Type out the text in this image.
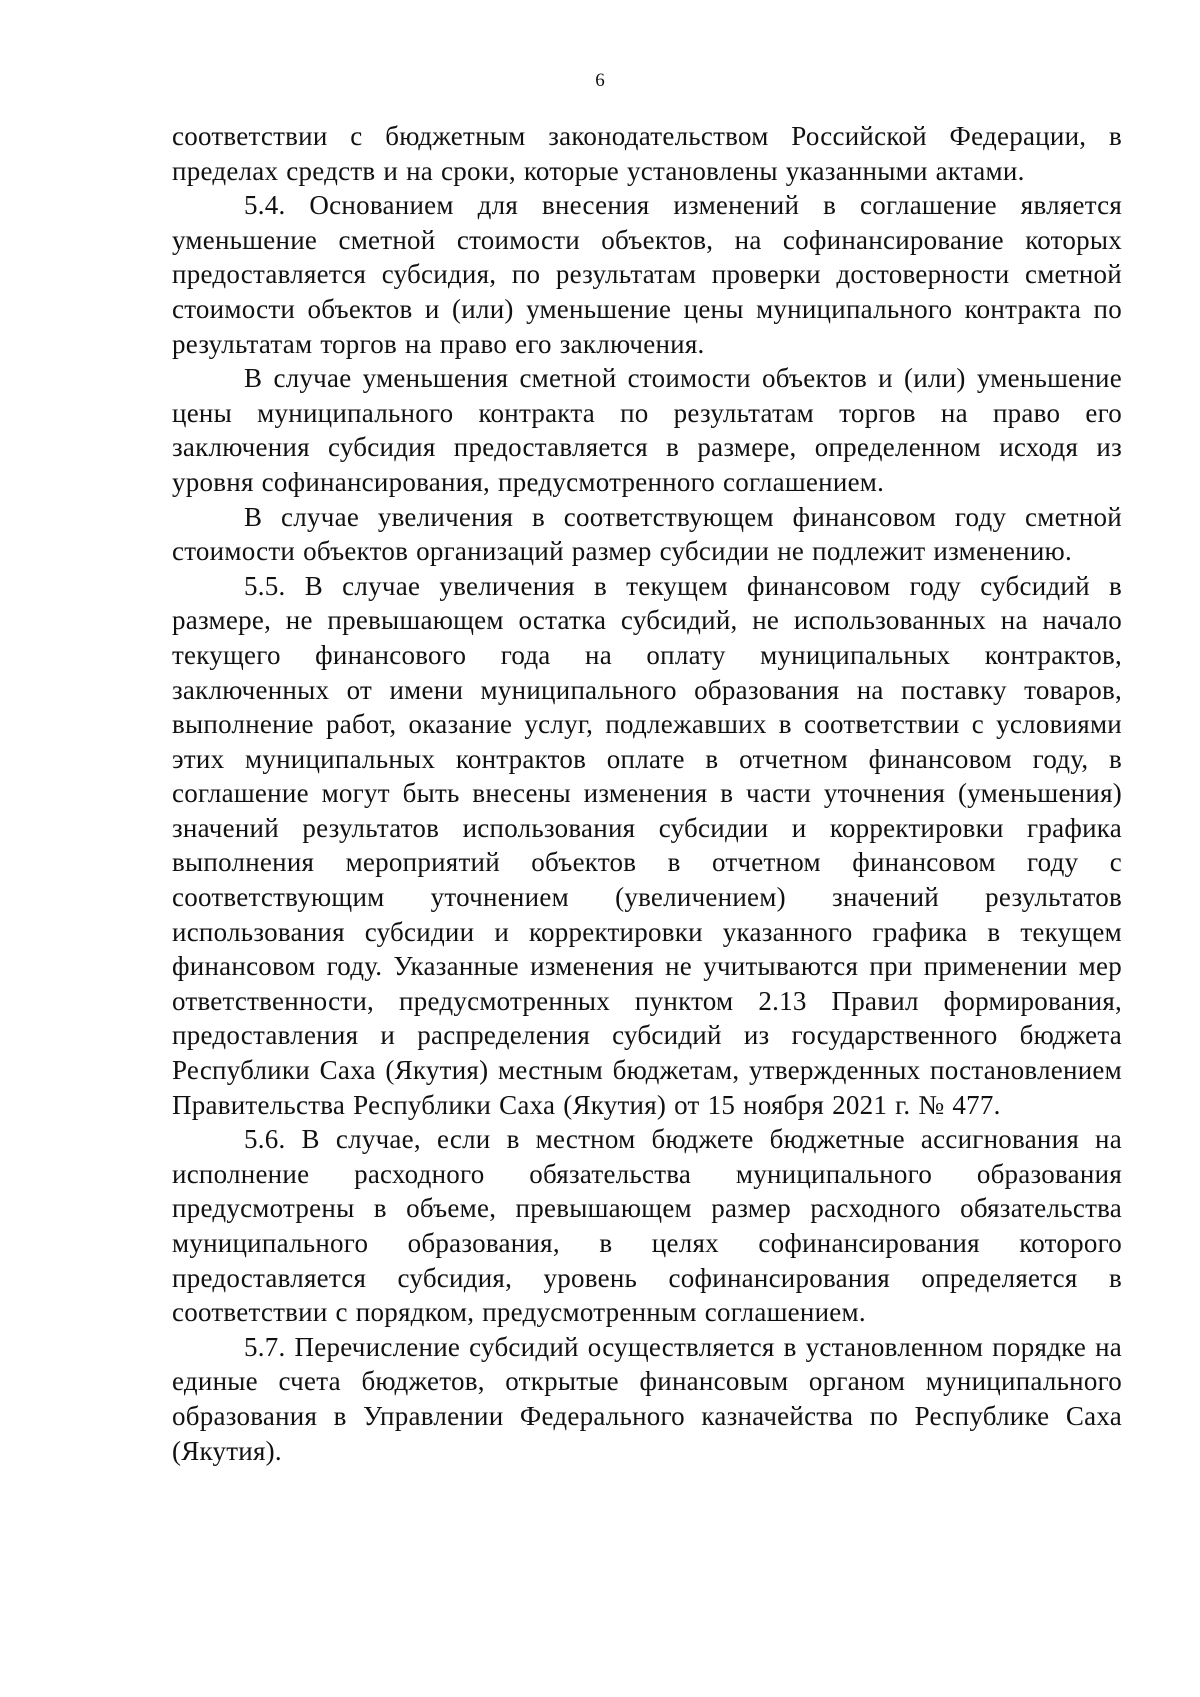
6

соответствии с бюджетным законодательством Российской Федерации, в пределах средств и на сроки, которые установлены указанными актами.

5.4. Основанием для внесения изменений в соглашение является уменьшение сметной стоимости объектов, на софинансирование которых предоставляется субсидия, по результатам проверки достоверности сметной стоимости объектов и (или) уменьшение цены муниципального контракта по результатам торгов на право его заключения.

В случае уменьшения сметной стоимости объектов и (или) уменьшение цены муниципального контракта по результатам торгов на право его заключения субсидия предоставляется в размере, определенном исходя из уровня софинансирования, предусмотренного соглашением.

В случае увеличения в соответствующем финансовом году сметной стоимости объектов организаций размер субсидии не подлежит изменению.

5.5. В случае увеличения в текущем финансовом году субсидий в размере, не превышающем остатка субсидий, не использованных на начало текущего финансового года на оплату муниципальных контрактов, заключенных от имени муниципального образования на поставку товаров, выполнение работ, оказание услуг, подлежавших в соответствии с условиями этих муниципальных контрактов оплате в отчетном финансовом году, в соглашение могут быть внесены изменения в части уточнения (уменьшения) значений результатов использования субсидии и корректировки графика выполнения мероприятий объектов в отчетном финансовом году с соответствующим уточнением (увеличением) значений результатов использования субсидии и корректировки указанного графика в текущем финансовом году. Указанные изменения не учитываются при применении мер ответственности, предусмотренных пунктом 2.13 Правил формирования, предоставления и распределения субсидий из государственного бюджета Республики Саха (Якутия) местным бюджетам, утвержденных постановлением Правительства Республики Саха (Якутия) от 15 ноября 2021 г. № 477.

5.6. В случае, если в местном бюджете бюджетные ассигнования на исполнение расходного обязательства муниципального образования предусмотрены в объеме, превышающем размер расходного обязательства муниципального образования, в целях софинансирования которого предоставляется субсидия, уровень софинансирования определяется в соответствии с порядком, предусмотренным соглашением.

5.7. Перечисление субсидий осуществляется в установленном порядке на единые счета бюджетов, открытые финансовым органом муниципального образования в Управлении Федерального казначейства по Республике Саха (Якутия).
